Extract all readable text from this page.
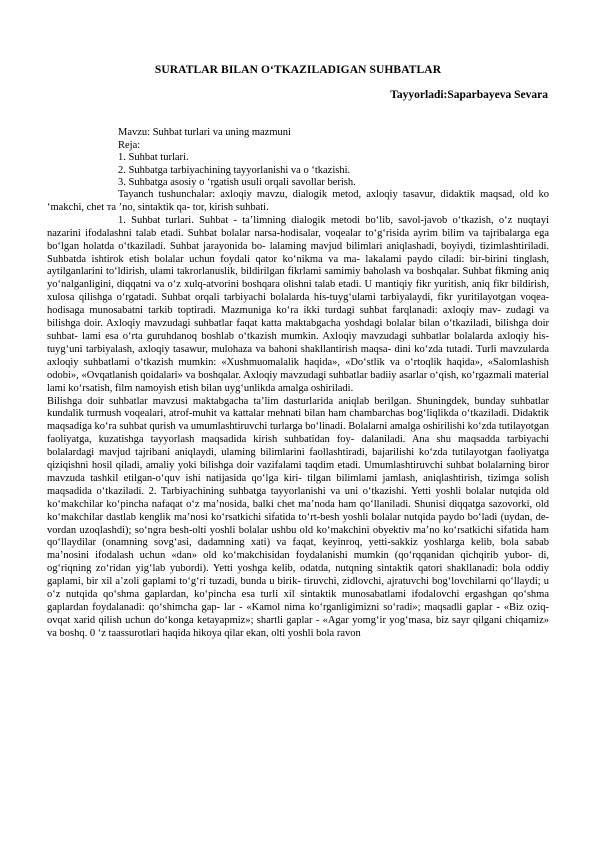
SURATLAR BILAN O‘TKAZILADIGAN SUHBATLAR
Tayyorladi:Saparbayeva Sevara
Mavzu: Suhbat turlari va uning mazmuni
Reja:
1. Suhbat turlari.
2. Suhbatga tarbiyachining tayyorlanishi va o ‘tkazishi.
3. Suhbatga asosiy o ‘rgatish usuli orqali savollar berish.

Tayanch tushunchalar: axloqiy mavzu, dialogik metod, axloqiy tasavur, didaktik maqsad, old ko ‘makchi, chet тa ’no, sintaktik qa- tor, kirish suhbati.

1. Suhbat turlari. Suhbat - ta’limning dialogik metodi bo‘lib, savol-javob o‘tkazish, o‘z nuqtayi nazarini ifodalashni talab etadi. Suhbat bolalar narsa-hodisalar, voqealar to‘g‘risida ayrim bilim va tajribalarga ega bo‘lgan holatda o‘tkaziladi. Suhbat jarayonida bo- lalaming mavjud bilimlari aniqlashadi, boyiydi, tizimlashtiriladi. Suhbatda ishtirok etish bolalar uchun foydali qator ko‘nikma va ma- lakalami paydo ciladi: bir-birini tinglash, aytilganlarini to‘ldirish, ulami takrorlanuslik, bildirilgan fikrlami samimiy baholash va boshqalar. Suhbat fikming aniq yo‘nalganligini, diqqatni va o‘z xulq-atvorini boshqara olishni talab etadi. U mantiqiy fikr yuritish, aniq fikr bildirish, xulosa qilishga o‘rgatadi. Suhbat orqali tarbiyachi bolalarda his-tuyg‘ulami tarbiyalaydi, fikr yuritilayotgan voqea- hodisaga munosabatni tarkib toptiradi. Mazmuniga ko‘ra ikki turdagi suhbat farqlanadi: axloqiy mav- zudagi va bilishga doir. Axloqiy mavzudagi suhbatlar faqat katta maktabgacha yoshdagi bolalar bilan o‘tkaziladi, bilishga doir suhbat- lami esa o‘rta guruhdanoq boshlab o‘tkazish mumkin. Axloqiy mavzudagi suhbatlar bolalarda axloqiy his-tuyg‘uni tarbiyalash, axloqiy tasawur, mulohaza va bahoni shakllantirish maqsa- dini ko‘zda tutadi. Turli mavzularda axloqiy suhbatlami o‘tkazish mumkin: «Xushmuomalalik haqida», «Do‘stlik va o‘rtoqlik haqida», «Salomlashish odobi», «Ovqatlanish qoidalari» va boshqalar. Axloqiy mavzudagi suhbatlar badiiy asarlar o‘qish, кo‘rgazmali material lami ko‘rsatish, film namoyish etish bilan uyg‘unlikda amalga oshiriladi.

Bilishga doir suhbatlar mavzusi maktabgacha ta’lim dasturlarida aniqlab berilgan. Shuningdek, bunday suhbatlar kundalik turmush voqealari, atrof-muhit va kattalar mehnati bilan ham chambarchas bog‘liqlikda o‘tkaziladi. Didaktik maqsadiga ko‘ra suhbat qurish va umumlashtiruvchi turlarga bo‘linadi. Bolalarni amalga oshirilishi ko‘zda tutilayotgan faoliyatga, kuzatishga tayyorlash maqsadida kirish suhbatidan foy- dalaniladi. Ana shu maqsadda tarbiyachi bolalardagi mavjud tajribani aniqlaydi, ulaming bilimlarini faollashtiradi, bajarilishi ko‘zda tutilayotgan faoliyatga qiziqishni hosil qiladi, amaliy yoki bilishga doir vazifalami taqdim etadi. Umumlashtiruvchi suhbat bolalarning biror mavzuda tashkil etilgan-o‘quv ishi natijasida qo‘lga kiri- tilgan bilimlami jamlash, aniqlashtirish, tizimga solish maqsadida o‘tkaziladi. 2. Tarbiyachining suhbatga tayyorlanishi va uni o‘tkazishi. Yetti yoshli bolalar nutqida old ko‘makchilar ko‘pincha nafaqat o‘z ma’nosida, balki chet ma’noda ham qo‘llaniladi. Shunisi diqqatga sazovorki, old ko‘makchilar dastlab kenglik ma’nosi ko‘rsatkichi sifatida to‘rt-besh yoshli bolalar nutqida paydo bo‘ladi (uydan, de- vordan uzoqlashdi); so‘ngra besh-olti yoshli bolalar ushbu old ko‘makchini obyektiv ma’no ko‘rsatkichi sifatida ham qo‘llaydilar (onamning sovg‘asi, dadamning xati) va faqat, keyinroq, yetti-sakkiz yoshlarga kelib, bola sabab ma’nosini ifodalash uchun «dan» old ko‘makchisidan foydalanishi mumkin (qo‘rqqanidan qichqirib yubor- di, og‘riqning zo‘ridan yig‘lab yubordi). Yetti yoshga kelib, odatda, nutqning sintaktik qatori shakllanadi: bola oddiy gaplami, bir xil a’zoli gaplami to‘g‘ri tuzadi, bunda u birik- tiruvchi, zidlovchi, ajratuvchi bog‘lovchilarni qo‘llaydi; u o‘z nutqida qo‘shma gaplardan, ko‘pincha esa turli xil sintaktik munosabatlami ifodalovchi ergashgan qo‘shma gaplardan foydalanadi: qo‘shimcha gap- lar - «Kamol nima ko‘rganligimizni so‘radi»; maqsadli gaplar - «Biz oziq-ovqat xarid qilish uchun do‘konga ketayapmiz»; shartli gaplar - «Agar yomg‘ir yog‘masa, biz sayr qilgani chiqamiz» va boshq. 0 ‘z taassurotlari haqida hikoya qilar ekan, olti yoshli bola ravon
